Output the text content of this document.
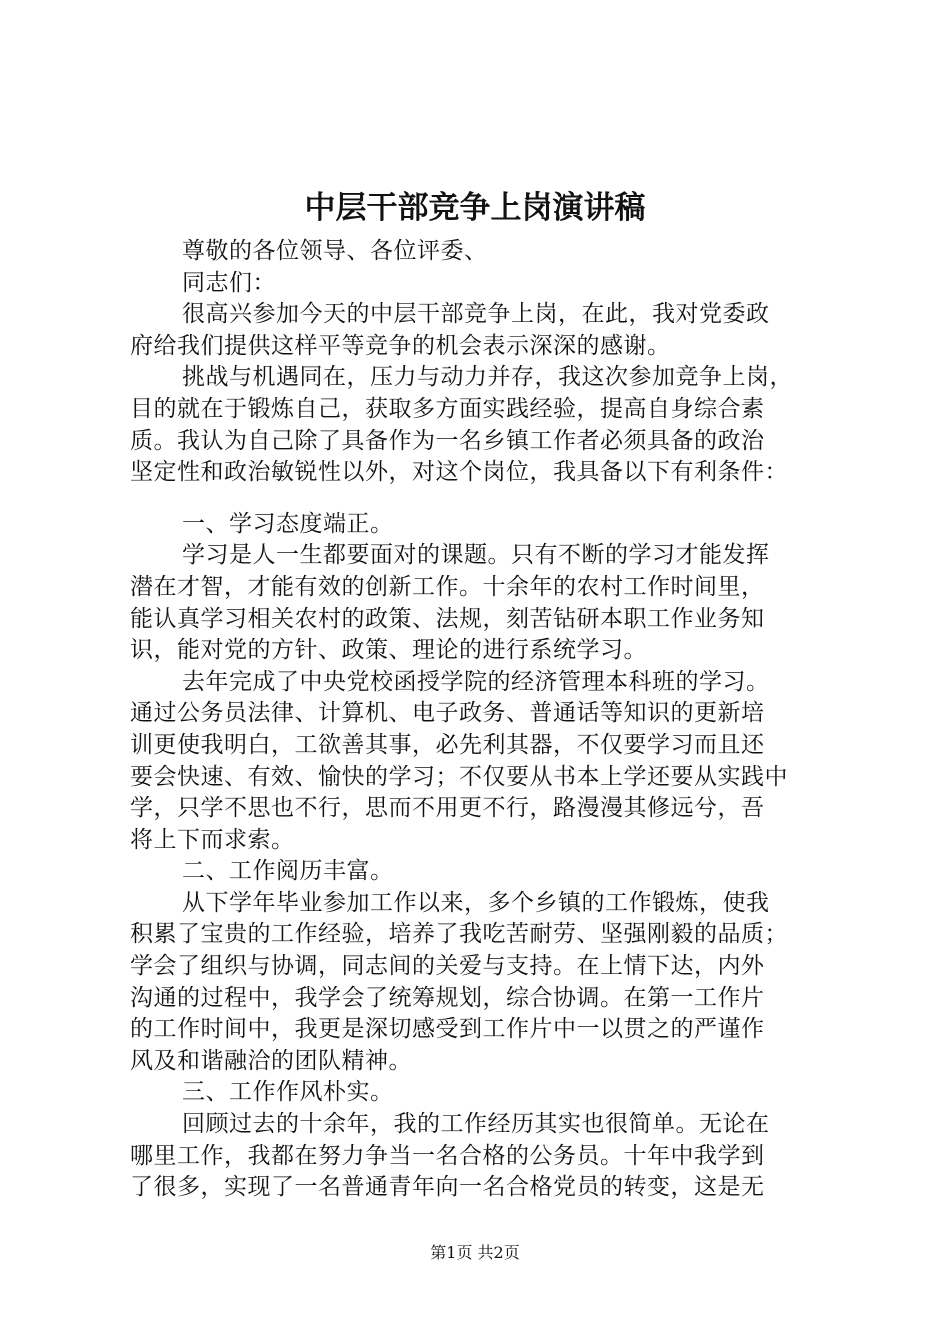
中层干部竞争上岗演讲稿
尊敬的各位领导、各位评委、
同志们：
很高兴参加今天的中层干部竞争上岗，在此，我对党委政
府给我们提供这样平等竞争的机会表示深深的感谢。
挑战与机遇同在，压力与动力并存，我这次参加竞争上岗，
目的就在于锻炼自己，获取多方面实践经验，提高自身综合素
质。我认为自己除了具备作为一名乡镇工作者必须具备的政治
坚定性和政治敏锐性以外，对这个岗位，我具备以下有利条件：
一、学习态度端正。
学习是人一生都要面对的课题。只有不断的学习才能发挥
潜在才智，才能有效的创新工作。十余年的农村工作时间里，
能认真学习相关农村的政策、法规，刻苦钻研本职工作业务知
识，能对党的方针、政策、理论的进行系统学习。
去年完成了中央党校函授学院的经济管理本科班的学习。
通过公务员法律、计算机、电子政务、普通话等知识的更新培
训更使我明白，工欲善其事，必先利其器，不仅要学习而且还
要会快速、有效、愉快的学习；不仅要从书本上学还要从实践中
学，只学不思也不行，思而不用更不行，路漫漫其修远兮，吾
将上下而求索。
二、工作阅历丰富。
从下学年毕业参加工作以来，多个乡镇的工作锻炼，使我
积累了宝贵的工作经验，培养了我吃苦耐劳、坚强刚毅的品质；
学会了组织与协调，同志间的关爱与支持。在上情下达，内外
沟通的过程中，我学会了统筹规划，综合协调。在第一工作片
的工作时间中，我更是深切感受到工作片中一以贯之的严谨作
风及和谐融洽的团队精神。
三、工作作风朴实。
回顾过去的十余年，我的工作经历其实也很简单。无论在
哪里工作，我都在努力争当一名合格的公务员。十年中我学到
了很多，实现了一名普通青年向一名合格党员的转变，这是无
第1页 共2页
